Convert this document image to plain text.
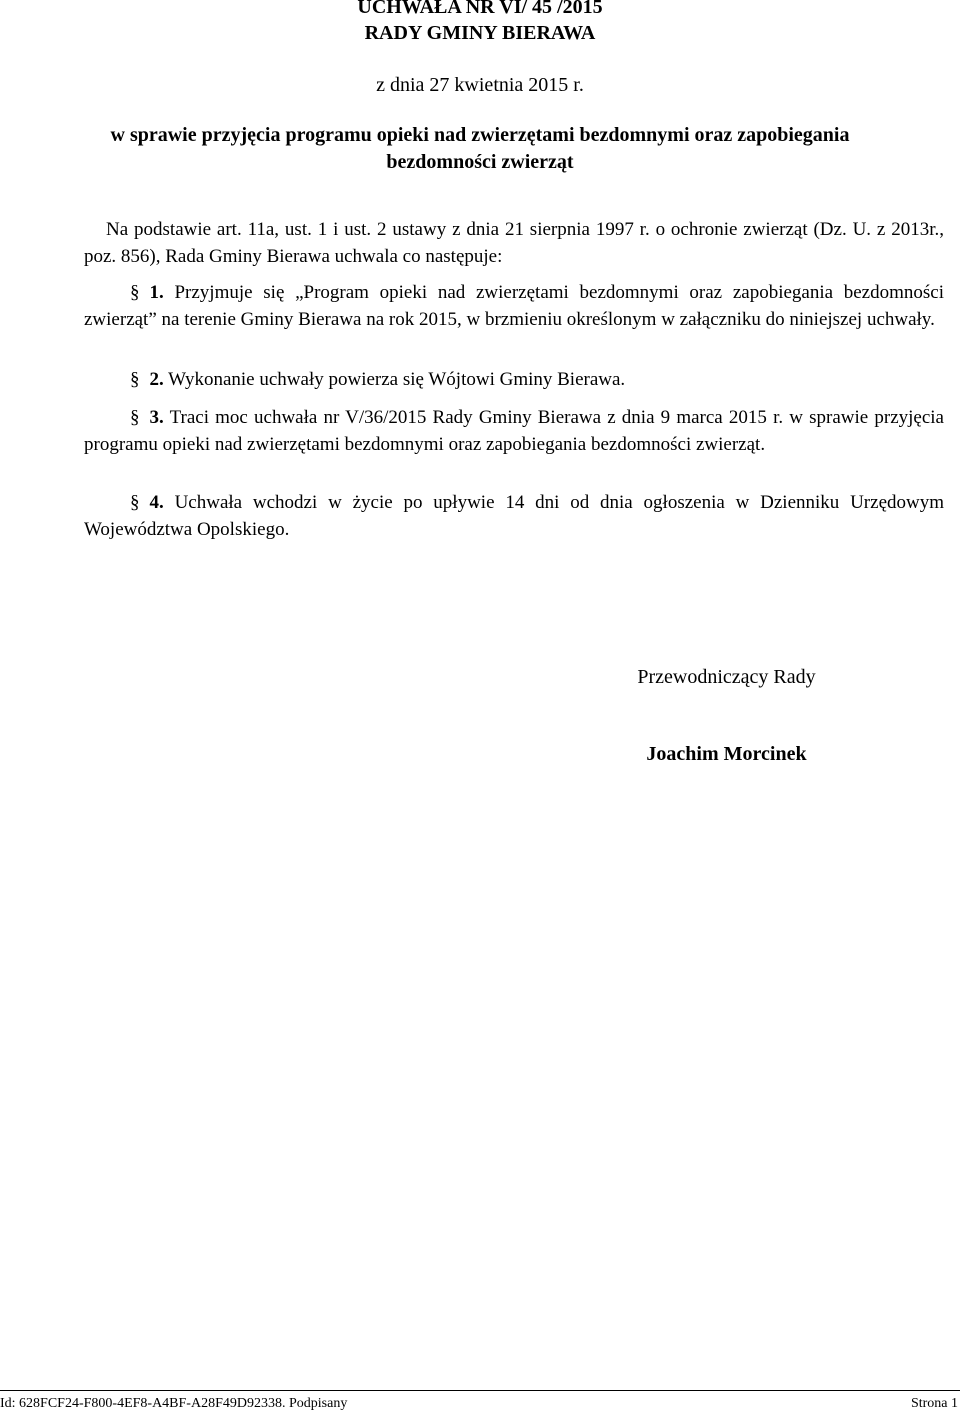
UCHWAŁA NR VI/ 45 /2015
RADY GMINY BIERAWA
z dnia 27 kwietnia 2015 r.
w sprawie przyjęcia programu opieki nad zwierzętami bezdomnymi oraz zapobiegania
bezdomności zwierząt
Na podstawie art. 11a, ust. 1 i ust. 2 ustawy z dnia 21 sierpnia 1997 r. o ochronie zwierząt (Dz. U. z 2013r., poz. 856), Rada Gminy Bierawa uchwala co następuje:
§ 1. Przyjmuje się „Program opieki nad zwierzętami bezdomnymi oraz zapobiegania bezdomności zwierząt” na terenie Gminy Bierawa na rok 2015, w brzmieniu określonym w załączniku do niniejszej uchwały.
§ 2. Wykonanie uchwały powierza się Wójtowi Gminy Bierawa.
§ 3. Traci moc uchwała nr V/36/2015 Rady Gminy Bierawa z dnia 9 marca 2015 r. w sprawie przyjęcia programu opieki nad zwierzętami bezdomnymi oraz zapobiegania bezdomności zwierząt.
§ 4. Uchwała wchodzi w życie po upływie 14 dni od dnia ogłoszenia w Dzienniku Urzędowym Województwa Opolskiego.
Przewodniczący Rady
Joachim Morcinek
Id: 628FCF24-F800-4EF8-A4BF-A28F49D92338. Podpisany	Strona 1
